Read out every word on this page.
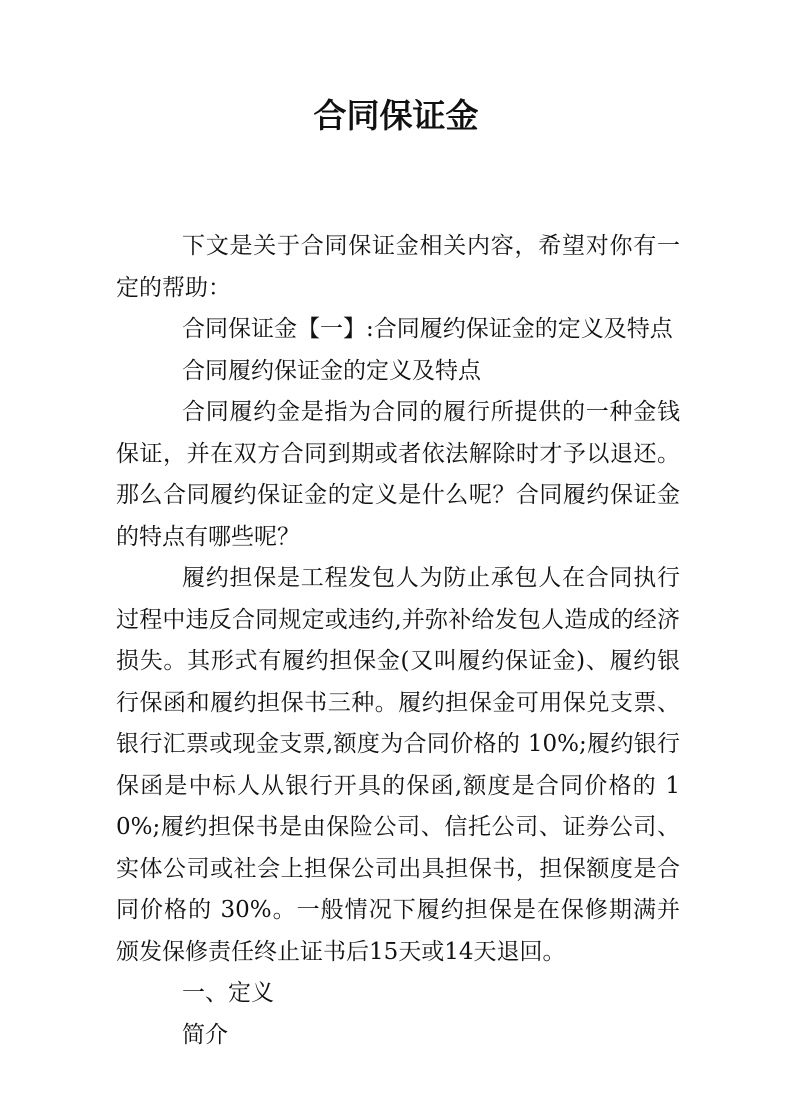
合同保证金

下文是关于合同保证金相关内容，希望对你有一定的帮助：

合同保证金【一】:合同履约保证金的定义及特点

合同履约保证金的定义及特点

合同履约金是指为合同的履行所提供的一种金钱保证，并在双方合同到期或者依法解除时才予以退还。那么合同履约保证金的定义是什么呢？合同履约保证金的特点有哪些呢？

履约担保是工程发包人为防止承包人在合同执行过程中违反合同规定或违约,并弥补给发包人造成的经济损失。其形式有履约担保金(又叫履约保证金)、履约银行保函和履约担保书三种。履约担保金可用保兑支票、银行汇票或现金支票,额度为合同价格的 10%;履约银行保函是中标人从银行开具的保函,额度是合同价格的 10%;履约担保书是由保险公司、信托公司、证券公司、实体公司或社会上担保公司出具担保书，担保额度是合同价格的 30%。一般情况下履约担保是在保修期满并颁发保修责任终止证书后15天或14天退回。

一、定义

简介
